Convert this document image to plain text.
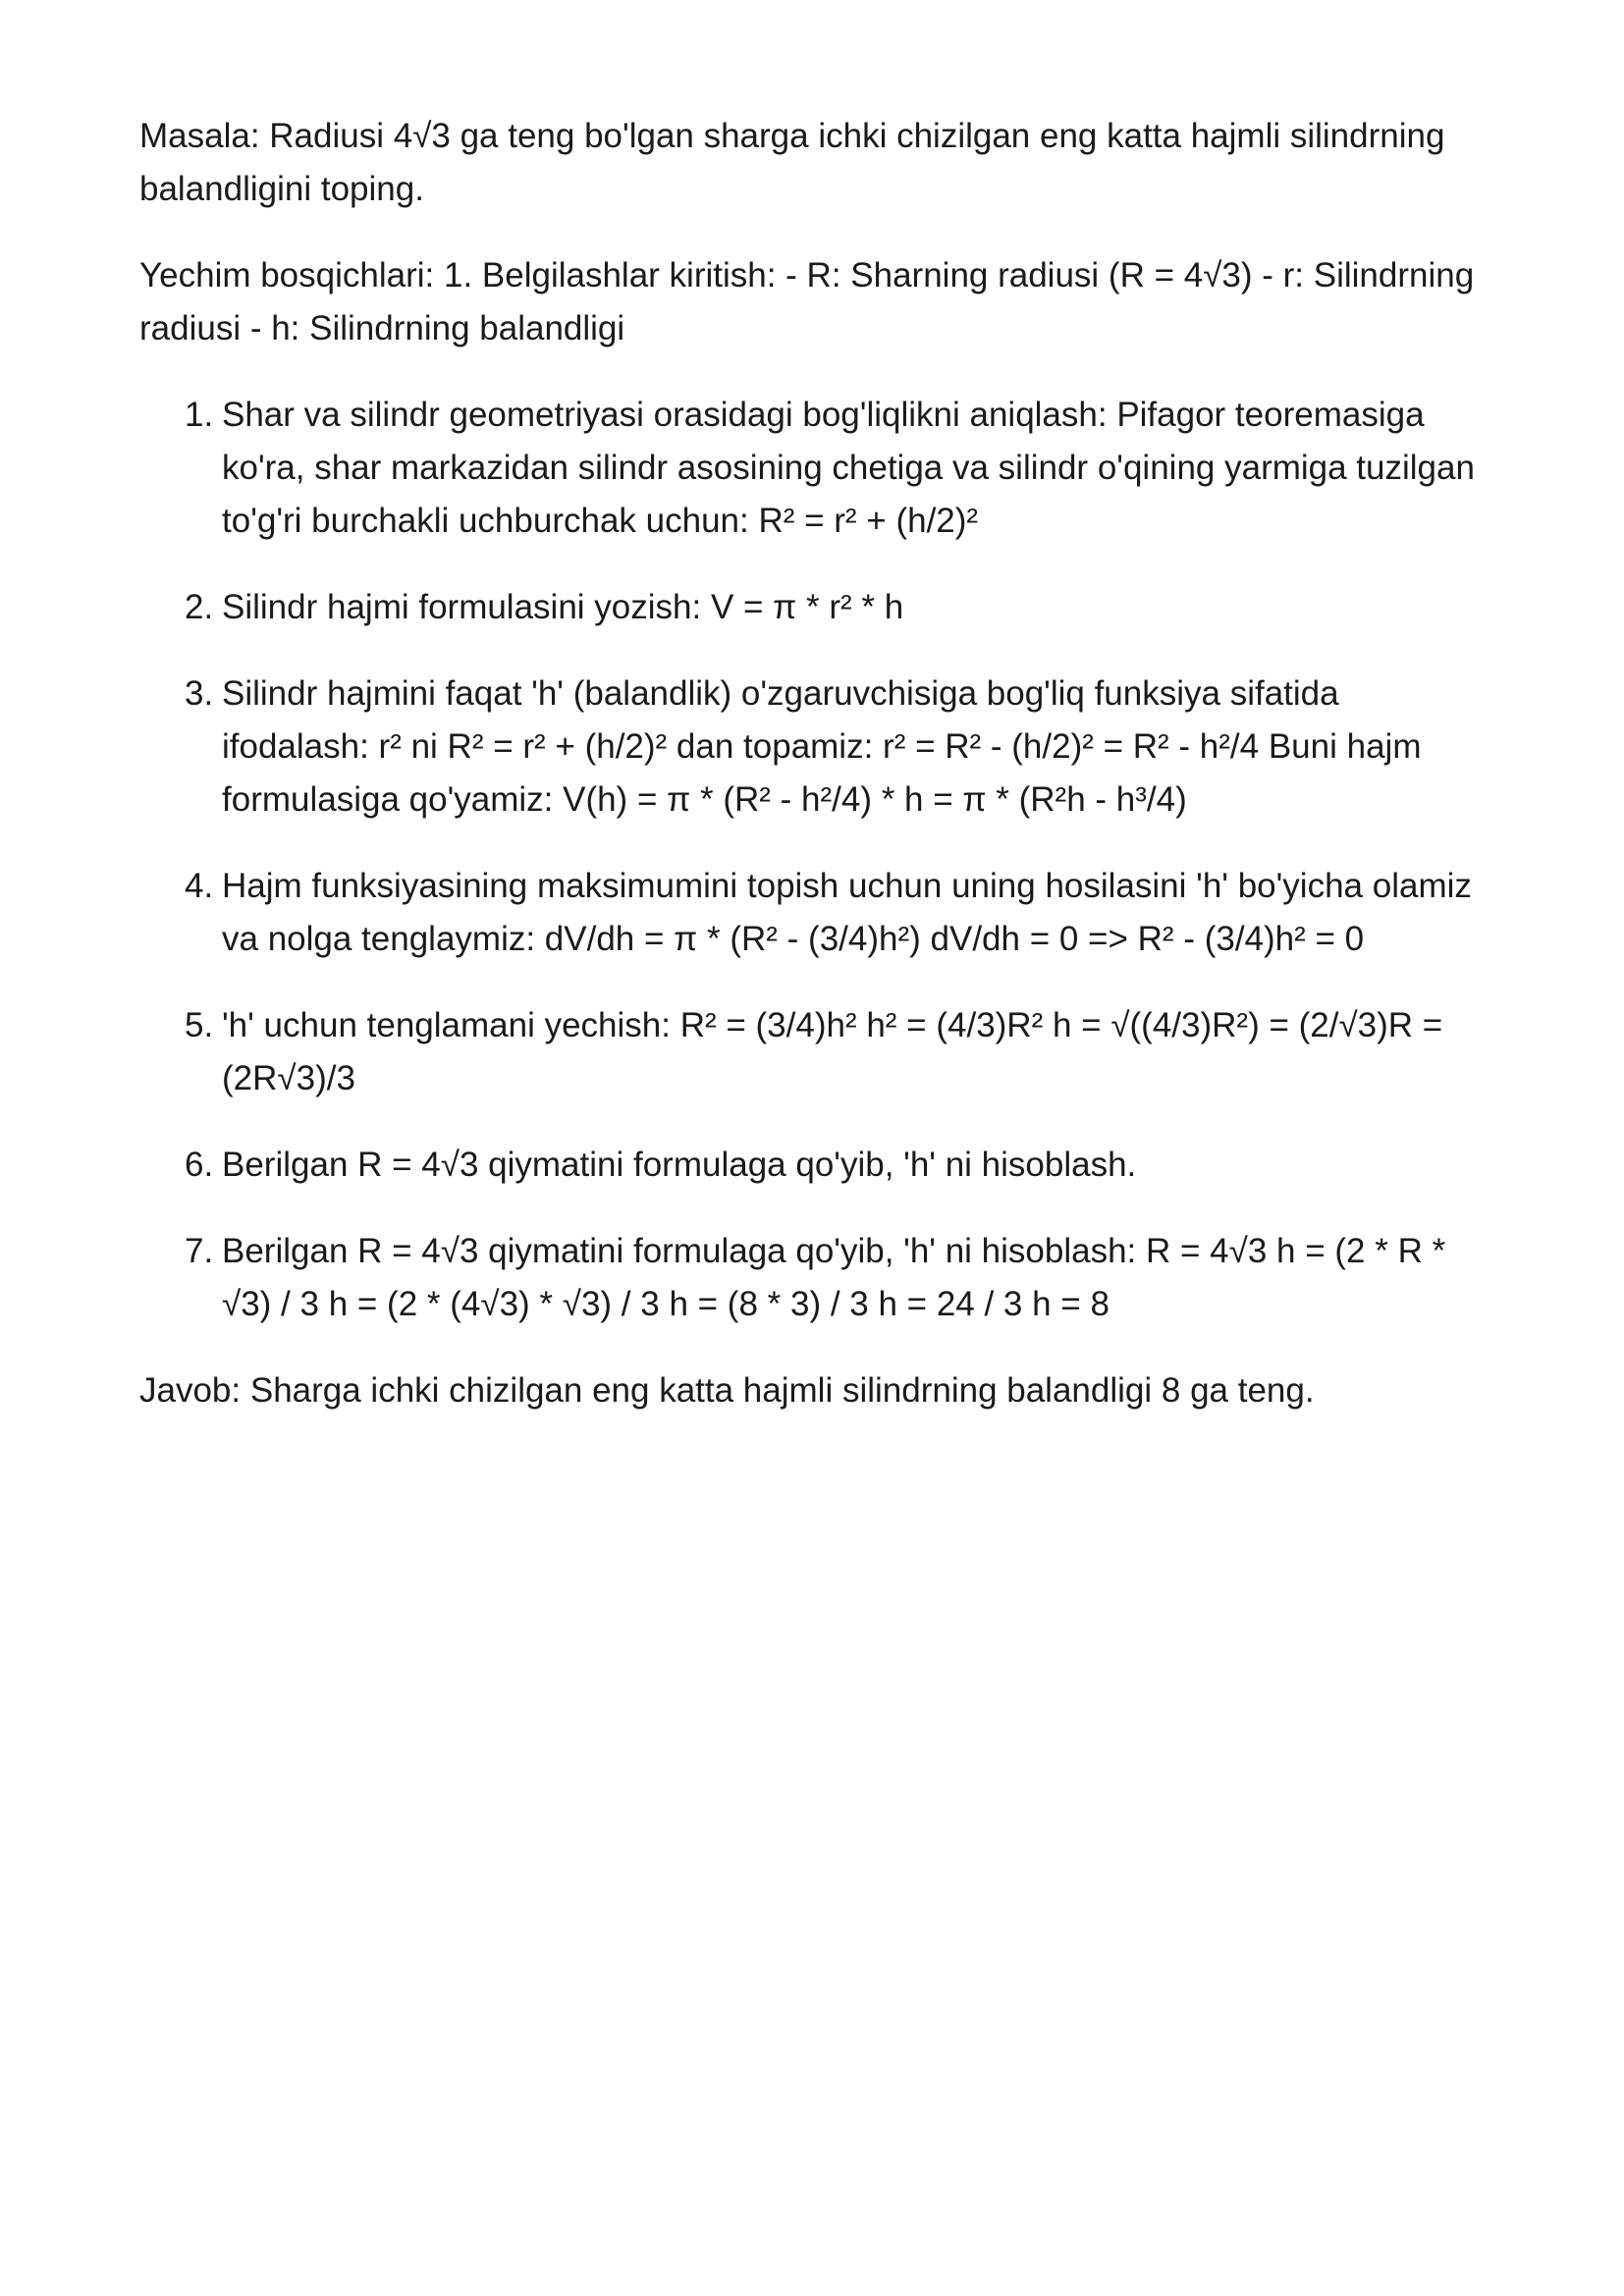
Masala: Radiusi 4√3 ga teng bo'lgan sharga ichki chizilgan eng katta hajmli silindrning balandligini toping.

Yechim bosqichlari: 1. Belgilashlar kiritish: - R: Sharning radiusi (R = 4√3) - r: Silindrning radiusi - h: Silindrning balandligi

1. Shar va silindr geometriyasi orasidagi bog'liqlikni aniqlash: Pifagor teoremasiga ko'ra, shar markazidan silindr asosining chetiga va silindr o'qining yarmiga tuzilgan to'g'ri burchakli uchburchak uchun: R² = r² + (h/2)²
2. Silindr hajmi formulasini yozish: V = π * r² * h
3. Silindr hajmini faqat 'h' (balandlik) o'zgaruvchisiga bog'liq funksiya sifatida ifodalash: r² ni R² = r² + (h/2)² dan topamiz: r² = R² - (h/2)² = R² - h²/4 Buni hajm formulasiga qo'yamiz: V(h) = π * (R² - h²/4) * h = π * (R²h - h³/4)
4. Hajm funksiyasining maksimumini topish uchun uning hosilasini 'h' bo'yicha olamiz va nolga tenglaymiz: dV/dh = π * (R² - (3/4)h²) dV/dh = 0 => R² - (3/4)h² = 0
5. 'h' uchun tenglamani yechish: R² = (3/4)h² h² = (4/3)R² h = √((4/3)R²) = (2/√3)R = (2R√3)/3
6. Berilgan R = 4√3 qiymatini formulaga qo'yib, 'h' ni hisoblash.
7. Berilgan R = 4√3 qiymatini formulaga qo'yib, 'h' ni hisoblash: R = 4√3 h = (2 * R * √3) / 3 h = (2 * (4√3) * √3) / 3 h = (8 * 3) / 3 h = 24 / 3 h = 8

Javob: Sharga ichki chizilgan eng katta hajmli silindrning balandligi 8 ga teng.
